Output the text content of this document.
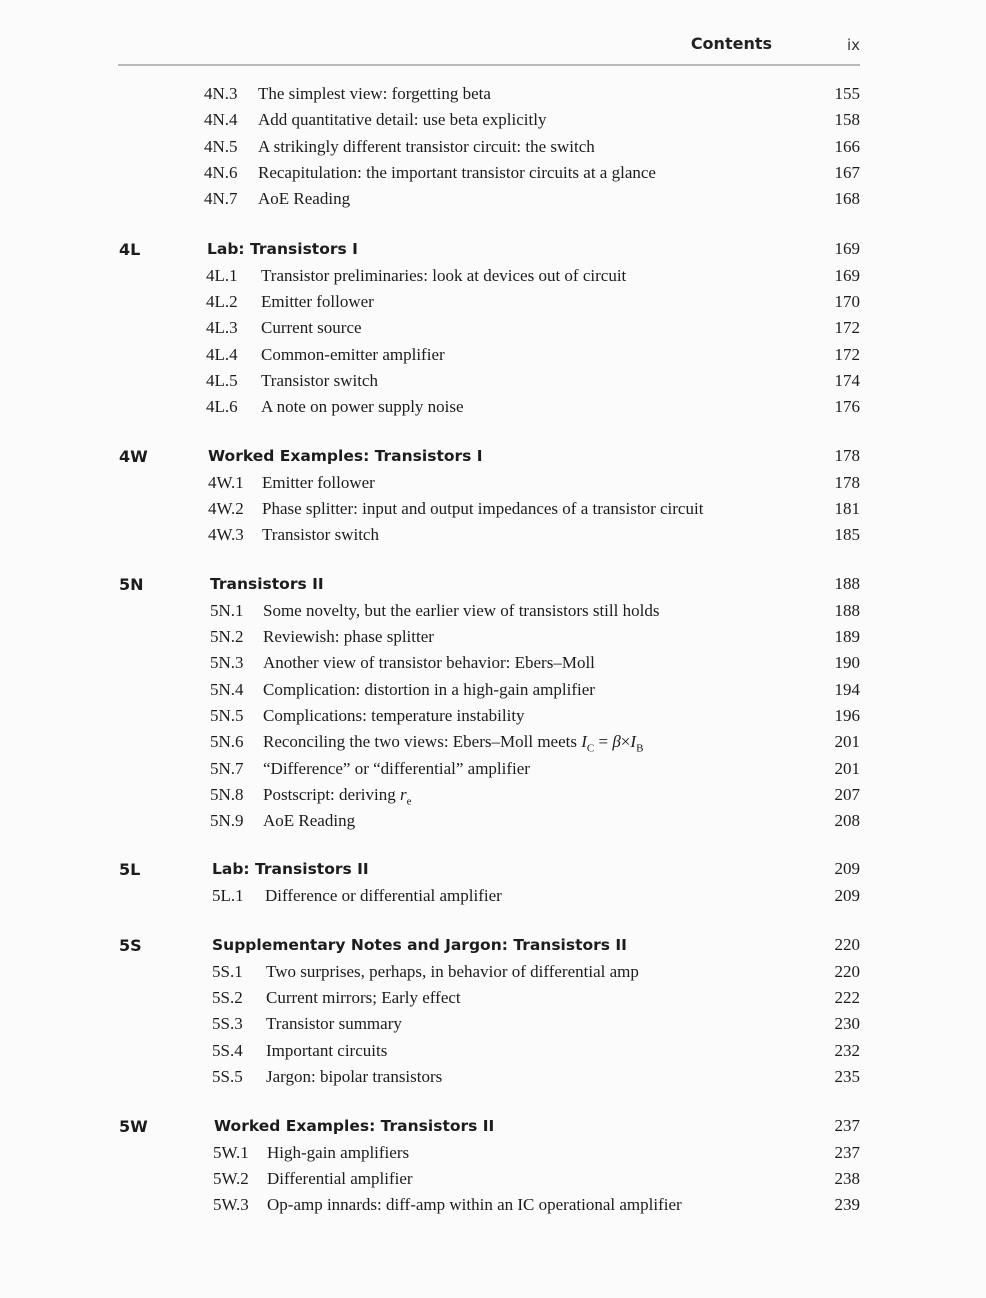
Contents	ix
4N.3 The simplest view: forgetting beta	155
4N.4 Add quantitative detail: use beta explicitly	158
4N.5 A strikingly different transistor circuit: the switch	166
4N.6 Recapitulation: the important transistor circuits at a glance	167
4N.7 AoE Reading	168
4L	Lab: Transistors I	169
4L.1 Transistor preliminaries: look at devices out of circuit	169
4L.2 Emitter follower	170
4L.3 Current source	172
4L.4 Common-emitter amplifier	172
4L.5 Transistor switch	174
4L.6 A note on power supply noise	176
4W	Worked Examples: Transistors I	178
4W.1 Emitter follower	178
4W.2 Phase splitter: input and output impedances of a transistor circuit	181
4W.3 Transistor switch	185
5N	Transistors II	188
5N.1 Some novelty, but the earlier view of transistors still holds	188
5N.2 Reviewish: phase splitter	189
5N.3 Another view of transistor behavior: Ebers–Moll	190
5N.4 Complication: distortion in a high-gain amplifier	194
5N.5 Complications: temperature instability	196
5N.6 Reconciling the two views: Ebers–Moll meets $I_C = \beta\times I_B$	201
5N.7 “Difference” or “differential” amplifier	201
5N.8 Postscript: deriving $r_e$	207
5N.9 AoE Reading	208
5L	Lab: Transistors II	209
5L.1 Difference or differential amplifier	209
5S	Supplementary Notes and Jargon: Transistors II	220
5S.1 Two surprises, perhaps, in behavior of differential amp	220
5S.2 Current mirrors; Early effect	222
5S.3 Transistor summary	230
5S.4 Important circuits	232
5S.5 Jargon: bipolar transistors	235
5W	Worked Examples: Transistors II	237
5W.1 High-gain amplifiers	237
5W.2 Differential amplifier	238
5W.3 Op-amp innards: diff-amp within an IC operational amplifier	239
